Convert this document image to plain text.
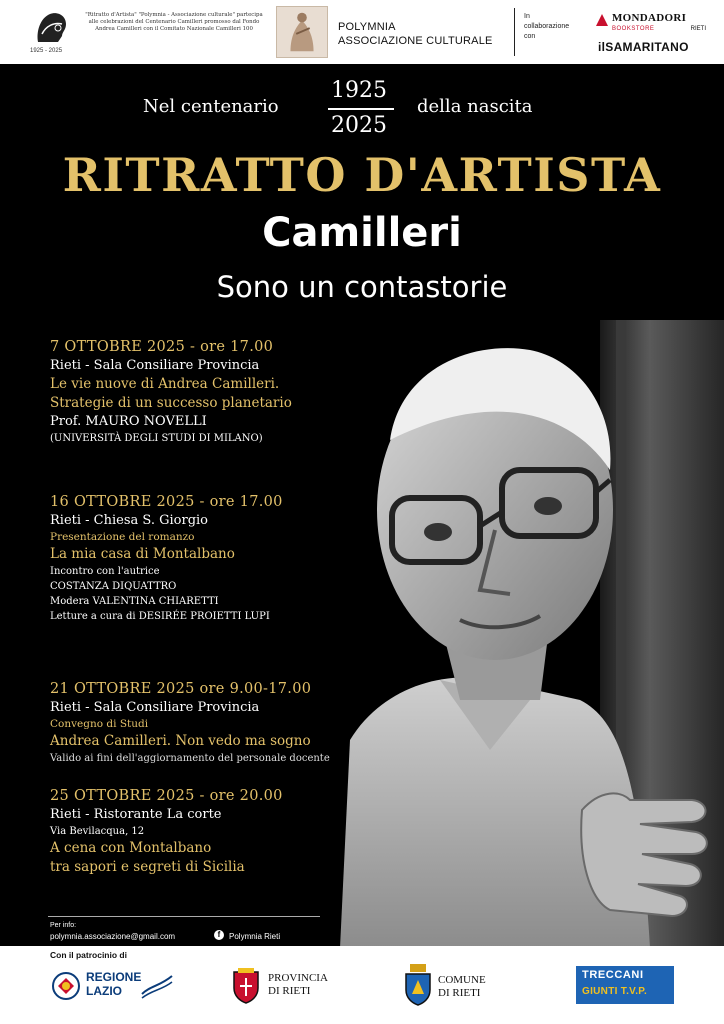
1925 - 2025
"Ritratto d'Artista" "Polymnia - Associazione culturale" partecipa alle celebrazioni del Centenario Camilleri promosso dal Fondo Andrea Camilleri con il Comitato Nazionale Camilleri 100	POLYMNIA
ASSOCIAZIONE CULTURALE
In
collaborazione
con
MONDADORI
BOOKSTORE	RIETI
ilSAMARITANO
Nel centenario
1925
2025
della nascita
RITRATTO D'ARTISTA
Camilleri
Sono un contastorie
7 OTTOBRE 2025 - ore 17.00
Rieti - Sala Consiliare Provincia
Le vie nuove di Andrea Camilleri.
Strategie di un successo planetario
Prof. MAURO NOVELLI
(UNIVERSITÀ DEGLI STUDI DI MILANO)
16 OTTOBRE 2025 - ore 17.00
Rieti - Chiesa S. Giorgio
Presentazione del romanzo
La mia casa di Montalbano
Incontro con l'autrice
COSTANZA DIQUATTRO
Modera VALENTINA CHIARETTI
Letture a cura di DESIRÉE PROIETTI LUPI
21 OTTOBRE 2025 ore 9.00-17.00
Rieti - Sala Consiliare Provincia
Convegno di Studi
Andrea Camilleri. Non vedo ma sogno
Valido ai fini dell'aggiornamento del personale docente
25 OTTOBRE 2025 - ore 20.00
Rieti - Ristorante La corte
Via Bevilacqua, 12
A cena con Montalbano
tra sapori e segreti di Sicilia
Per info:
polymnia.associazione@gmail.com	f	Polymnia Rieti
Con il patrocinio di
REGIONE
LAZIO
PROVINCIA
DI RIETI
COMUNE
DI RIETI
TRECCANI
GIUNTI T.V.P.
